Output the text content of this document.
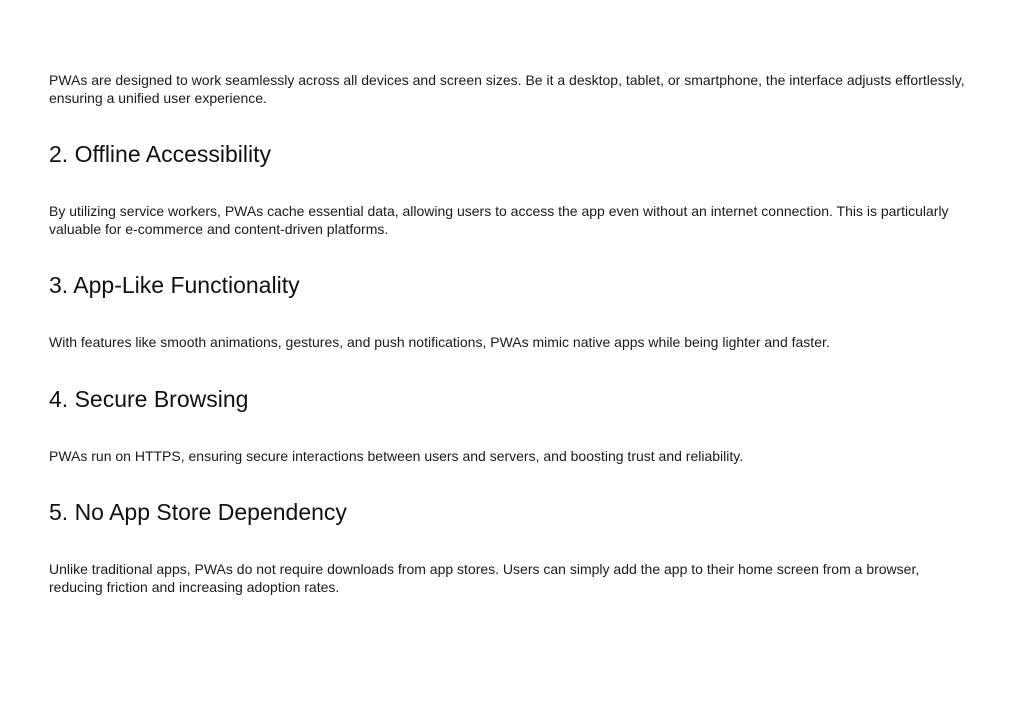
PWAs are designed to work seamlessly across all devices and screen sizes. Be it a desktop, tablet, or smartphone, the interface adjusts effortlessly, ensuring a unified user experience.

2. Offline Accessibility

By utilizing service workers, PWAs cache essential data, allowing users to access the app even without an internet connection. This is particularly valuable for e-commerce and content-driven platforms.

3. App-Like Functionality

With features like smooth animations, gestures, and push notifications, PWAs mimic native apps while being lighter and faster.

4. Secure Browsing

PWAs run on HTTPS, ensuring secure interactions between users and servers, and boosting trust and reliability.

5. No App Store Dependency

Unlike traditional apps, PWAs do not require downloads from app stores. Users can simply add the app to their home screen from a browser, reducing friction and increasing adoption rates.
